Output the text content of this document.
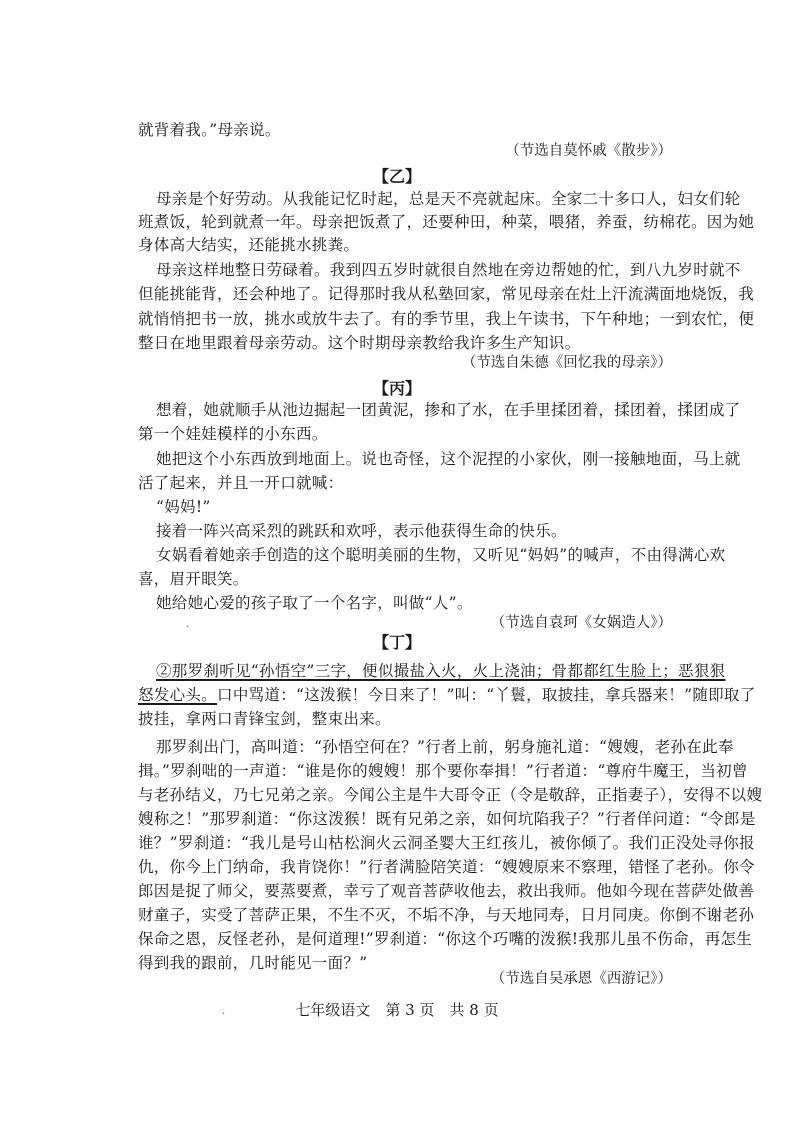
就背着我。”母亲说。
（节选自莫怀戚《散步》）
【乙】
母亲是个好劳动。从我能记忆时起，总是天不亮就起床。全家二十多口人，妇女们轮
班煮饭，轮到就煮一年。母亲把饭煮了，还要种田，种菜，喂猪，养蚕，纺棉花。因为她
身体高大结实，还能挑水挑粪。
母亲这样地整日劳碌着。我到四五岁时就很自然地在旁边帮她的忙，到八九岁时就不
但能挑能背，还会种地了。记得那时我从私塾回家，常见母亲在灶上汗流满面地烧饭，我
就悄悄把书一放，挑水或放牛去了。有的季节里，我上午读书，下午种地；一到农忙，便
整日在地里跟着母亲劳动。这个时期母亲教给我许多生产知识。
（节选自朱德《回忆我的母亲》）
【丙】
想着，她就顺手从池边掘起一团黄泥，掺和了水，在手里揉团着，揉团着，揉团成了
第一个娃娃模样的小东西。
她把这个小东西放到地面上。说也奇怪，这个泥捏的小家伙，刚一接触地面，马上就
活了起来，并且一开口就喊：
“妈妈!”
接着一阵兴高采烈的跳跃和欢呼，表示他获得生命的快乐。
女娲看着她亲手创造的这个聪明美丽的生物，又听见“妈妈”的喊声，不由得满心欢
喜，眉开眼笑。
她给她心爱的孩子取了一个名字，叫做“人”。
（节选自袁珂《女娲造人》）
·
【丁】
②那罗刹听见“孙悟空”三字，便似撮盐入火，火上浇油；骨都都红生脸上；恶狠狠
怒发心头。口中骂道：“这泼猴！今日来了！”叫：“丫鬟，取披挂，拿兵器来！”随即取了
披挂，拿两口青锋宝剑，整束出来。
那罗刹出门，高叫道：“孙悟空何在？”行者上前，躬身施礼道：“嫂嫂，老孙在此奉
揖。”罗刹咄的一声道：“谁是你的嫂嫂！那个要你奉揖！”行者道：“尊府牛魔王，当初曾
与老孙结义，乃七兄弟之亲。今闻公主是牛大哥令正（令是敬辞，正指妻子），安得不以嫂
嫂称之！”那罗刹道：“你这泼猴！既有兄弟之亲，如何坑陷我子？”行者佯问道：“令郎是
谁？”罗刹道：“我儿是号山枯松涧火云洞圣婴大王红孩儿，被你倾了。我们正没处寻你报
仇，你今上门纳命，我肯饶你！”行者满脸陪笑道：“嫂嫂原来不察理，错怪了老孙。你令
郎因是捉了师父，要蒸要煮，幸亏了观音菩萨收他去，救出我师。他如今现在菩萨处做善
财童子，实受了菩萨正果，不生不灭，不垢不净，与天地同寿，日月同庚。你倒不谢老孙
保命之恩，反怪老孙，是何道理!”罗刹道：“你这个巧嘴的泼猴!我那儿虽不伤命，再怎生
得到我的跟前，几时能见一面？”
（节选自吴承恩《西游记》）
.	七年级语文　第 3 页　共 8 页
